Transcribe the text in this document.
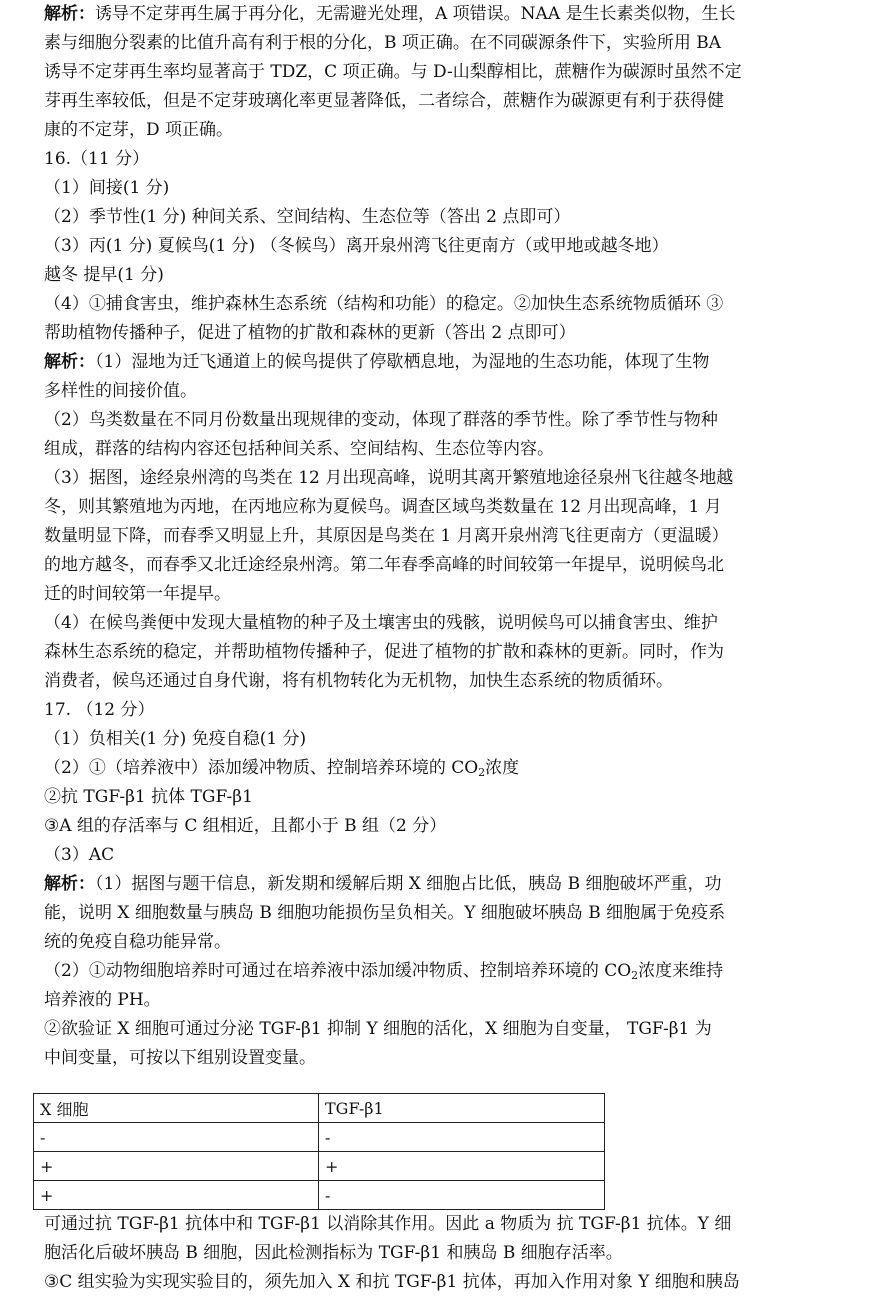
解析：诱导不定芽再生属于再分化，无需避光处理，A 项错误。NAA 是生长素类似物，生长
素与细胞分裂素的比值升高有利于根的分化，B 项正确。在不同碳源条件下，实验所用 BA
诱导不定芽再生率均显著高于 TDZ，C 项正确。与 D-山梨醇相比，蔗糖作为碳源时虽然不定
芽再生率较低，但是不定芽玻璃化率更显著降低，二者综合，蔗糖作为碳源更有利于获得健
康的不定芽，D 项正确。
16.（11 分）
（1）间接(1 分)
（2）季节性(1 分) 种间关系、空间结构、生态位等（答出 2 点即可）
（3）丙(1 分) 夏候鸟(1 分) （冬候鸟）离开泉州湾飞往更南方（或甲地或越冬地）
越冬 提早(1 分)
（4）①捕食害虫，维护森林生态系统（结构和功能）的稳定。②加快生态系统物质循环 ③
帮助植物传播种子，促进了植物的扩散和森林的更新（答出 2 点即可）
解析：（1）湿地为迁飞通道上的候鸟提供了停歇栖息地，为湿地的生态功能，体现了生物
多样性的间接价值。
（2）鸟类数量在不同月份数量出现规律的变动，体现了群落的季节性。除了季节性与物种
组成，群落的结构内容还包括种间关系、空间结构、生态位等内容。
（3）据图，途经泉州湾的鸟类在 12 月出现高峰，说明其离开繁殖地途径泉州飞往越冬地越
冬，则其繁殖地为丙地，在丙地应称为夏候鸟。调查区域鸟类数量在 12 月出现高峰，1 月
数量明显下降，而春季又明显上升，其原因是鸟类在 1 月离开泉州湾飞往更南方（更温暖）
的地方越冬，而春季又北迁途经泉州湾。第二年春季高峰的时间较第一年提早，说明候鸟北
迁的时间较第一年提早。
（4）在候鸟粪便中发现大量植物的种子及土壤害虫的残骸，说明候鸟可以捕食害虫、维护
森林生态系统的稳定，并帮助植物传播种子，促进了植物的扩散和森林的更新。同时，作为
消费者，候鸟还通过自身代谢，将有机物转化为无机物，加快生态系统的物质循环。
17. （12 分）
（1）负相关(1 分) 免疫自稳(1 分)
（2）①（培养液中）添加缓冲物质、控制培养环境的 $CO_2$浓度
②抗 TGF-β1 抗体 TGF-β1
③A 组的存活率与 C 组相近，且都小于 B 组（2 分）
（3）AC
解析：（1）据图与题干信息，新发期和缓解后期 X 细胞占比低，胰岛 B 细胞破坏严重，功
能，说明 X 细胞数量与胰岛 B 细胞功能损伤呈负相关。Y 细胞破坏胰岛 B 细胞属于免疫系
统的免疫自稳功能异常。
（2）①动物细胞培养时可通过在培养液中添加缓冲物质、控制培养环境的 $CO_2$浓度来维持
培养液的 PH。
②欲验证 X 细胞可通过分泌 TGF-β1 抑制 Y 细胞的活化，X 细胞为自变量， TGF-β1 为
中间变量，可按以下组别设置变量。
可通过抗 TGF-β1 抗体中和 TGF-β1 以消除其作用。因此 a 物质为 抗 TGF-β1 抗体。Y 细
胞活化后破坏胰岛 B 细胞，因此检测指标为 TGF-β1 和胰岛 B 细胞存活率。
③C 组实验为实现实验目的，须先加入 X 和抗 TGF-β1 抗体，再加入作用对象 Y 细胞和胰岛
X 细胞	TGF-β1
-	-
+	+
+	-
